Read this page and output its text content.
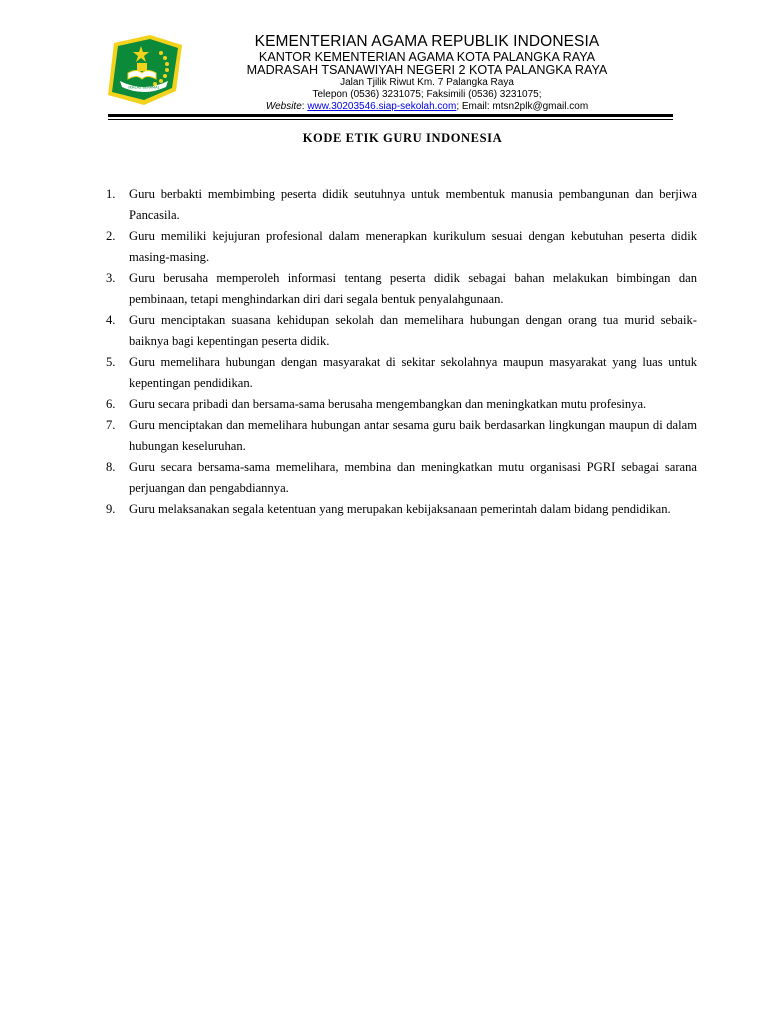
IKHLAS BERAMAL

KEMENTERIAN AGAMA REPUBLIK INDONESIA

KANTOR KEMENTERIAN AGAMA KOTA PALANGKA RAYA

MADRASAH TSANAWIYAH NEGERI 2 KOTA PALANGKA RAYA

Jalan Tjilik Riwut Km. 7 Palangka Raya

Telepon (0536) 3231075; Faksimili (0536) 3231075;

Website: www.30203546.siap-sekolah.com; Email: mtsn2plk@gmail.com

KODE ETIK GURU INDONESIA
1. Guru berbakti membimbing peserta didik seutuhnya untuk membentuk manusia pembangunan dan berjiwa Pancasila.
2. Guru memiliki kejujuran profesional dalam menerapkan kurikulum sesuai dengan kebutuhan peserta didik masing-masing.
3. Guru berusaha memperoleh informasi tentang peserta didik sebagai bahan melakukan bimbingan dan pembinaan, tetapi menghindarkan diri dari segala bentuk penyalahgunaan.
4. Guru menciptakan suasana kehidupan sekolah dan memelihara hubungan dengan orang tua murid sebaik-baiknya bagi kepentingan peserta didik.
5. Guru memelihara hubungan dengan masyarakat di sekitar sekolahnya maupun masyarakat yang luas untuk kepentingan pendidikan.
6. Guru secara pribadi dan bersama-sama berusaha mengembangkan dan meningkatkan mutu profesinya.
7. Guru menciptakan dan memelihara hubungan antar sesama guru baik berdasarkan lingkungan maupun di dalam hubungan keseluruhan.
8. Guru secara bersama-sama memelihara, membina dan meningkatkan mutu organisasi PGRI sebagai sarana perjuangan dan pengabdiannya.
9. Guru melaksanakan segala ketentuan yang merupakan kebijaksanaan pemerintah dalam bidang pendidikan.
